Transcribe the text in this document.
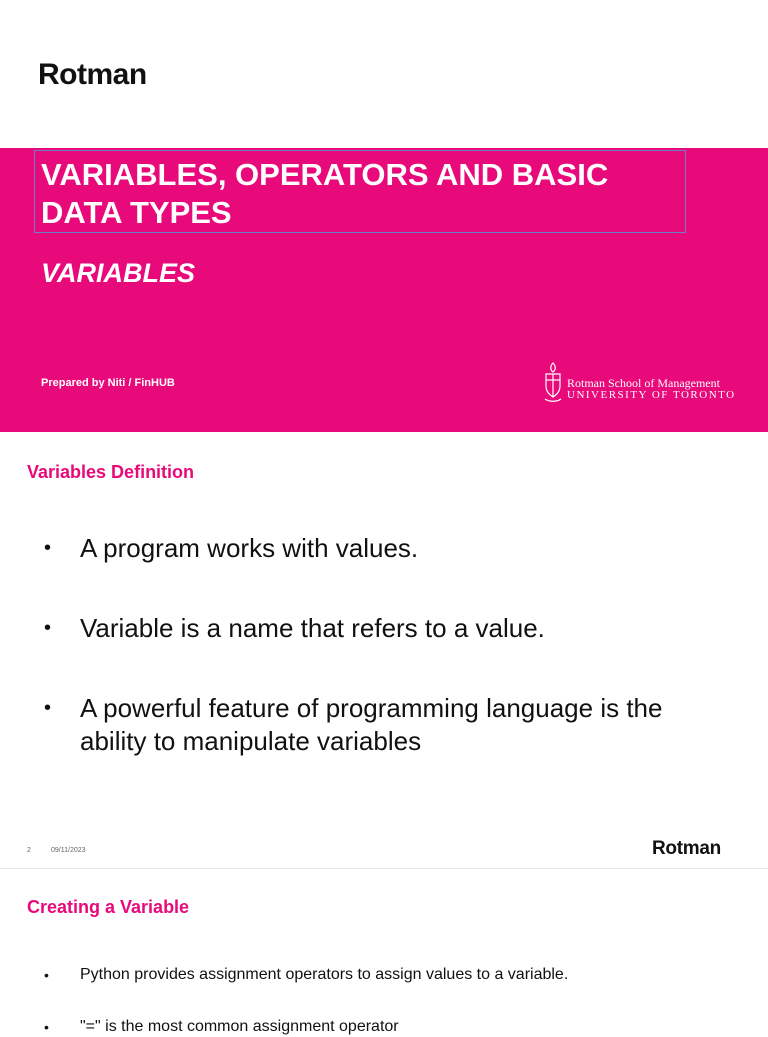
Rotman
VARIABLES, OPERATORS AND BASIC DATA TYPES
VARIABLES
Prepared by Niti / FinHUB	Rotman School of Management
UNIVERSITY OF TORONTO
Variables Definition
• A program works with values.
• Variable is a name that refers to a value.
• A powerful feature of programming language is the ability to manipulate variables
2	09/11/2023	Rotman
Creating a Variable
• Python provides assignment operators to assign values to a variable.
• "=" is the most common assignment operator
